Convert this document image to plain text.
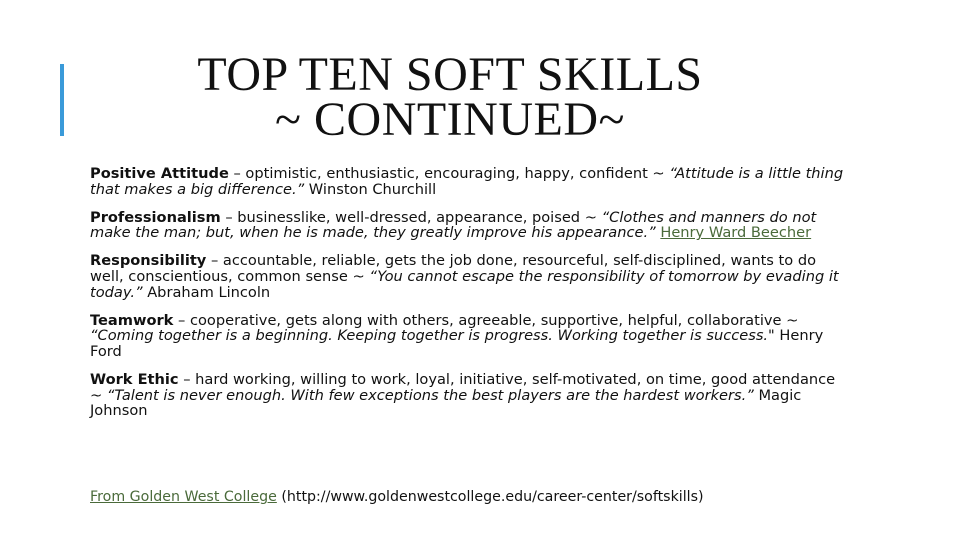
TOP TEN SOFT SKILLS
~ CONTINUED~
Positive Attitude – optimistic, enthusiastic, encouraging, happy, confident ~ “Attitude is a little thing that makes a big difference.” Winston Churchill
Professionalism – businesslike, well-dressed, appearance, poised ~ “Clothes and manners do not make the man; but, when he is made, they greatly improve his appearance.” Henry Ward Beecher
Responsibility – accountable, reliable, gets the job done, resourceful, self-disciplined, wants to do well, conscientious, common sense ~ “You cannot escape the responsibility of tomorrow by evading it today.” Abraham Lincoln
Teamwork – cooperative, gets along with others, agreeable, supportive, helpful, collaborative ~ “Coming together is a beginning. Keeping together is progress. Working together is success." Henry Ford
Work Ethic – hard working, willing to work, loyal, initiative, self-motivated, on time, good attendance ~ “Talent is never enough. With few exceptions the best players are the hardest workers.” Magic Johnson
From Golden West College (http://www.goldenwestcollege.edu/career-center/softskills)
